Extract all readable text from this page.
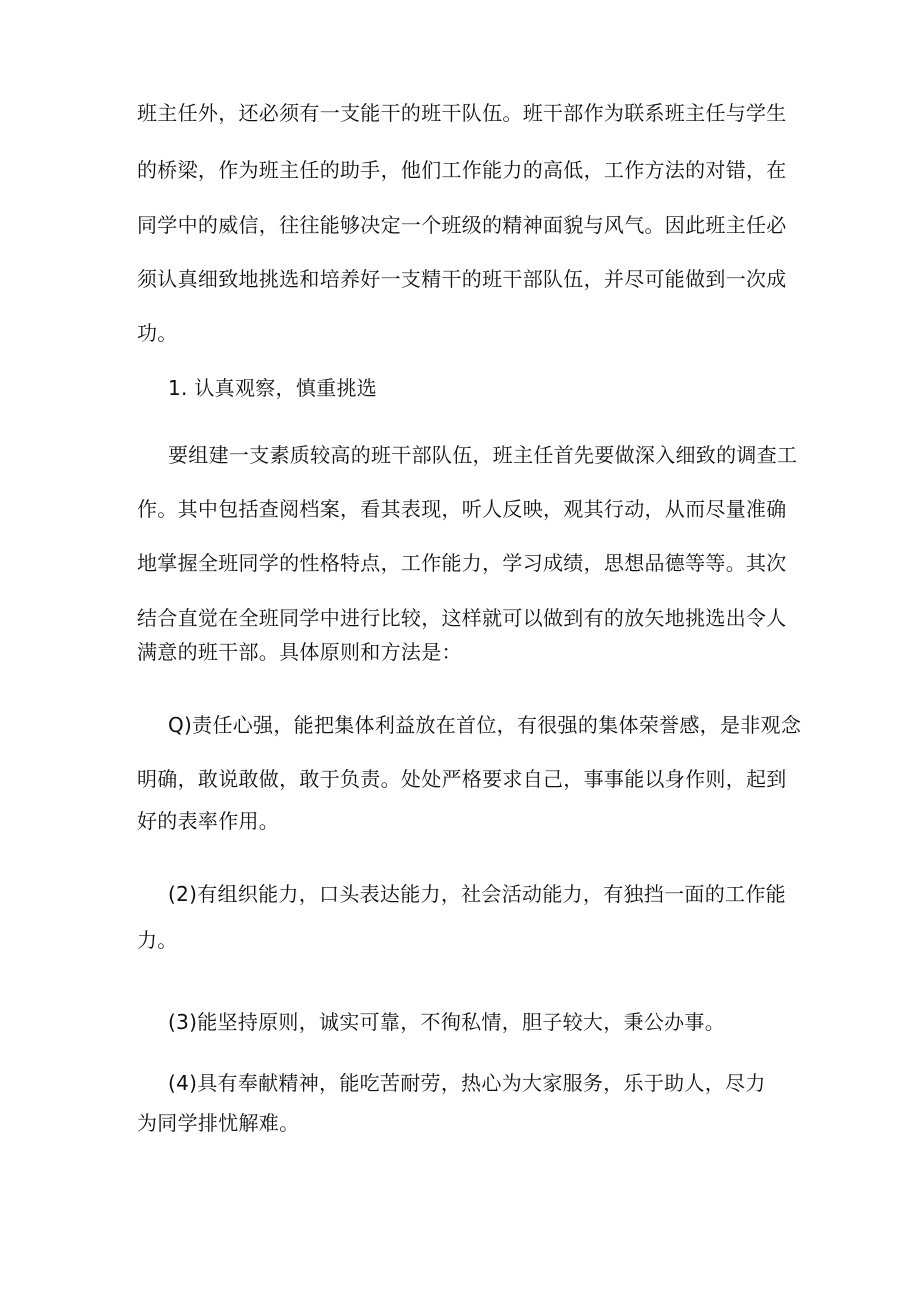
班主任外，还必须有一支能干的班干队伍。班干部作为联系班主任与学生
的桥梁，作为班主任的助手，他们工作能力的高低，工作方法的对错，在
同学中的威信，往往能够决定一个班级的精神面貌与风气。因此班主任必
须认真细致地挑选和培养好一支精干的班干部队伍，并尽可能做到一次成
功。
1. 认真观察，慎重挑选
要组建一支素质较高的班干部队伍，班主任首先要做深入细致的调查工
作。其中包括查阅档案，看其表现，听人反映，观其行动，从而尽量准确
地掌握全班同学的性格特点，工作能力，学习成绩，思想品德等等。其次
结合直觉在全班同学中进行比较，这样就可以做到有的放矢地挑选出令人
满意的班干部。具体原则和方法是：
Q)责任心强，能把集体利益放在首位，有很强的集体荣誉感，是非观念
明确，敢说敢做，敢于负责。处处严格要求自己，事事能以身作则，起到
好的表率作用。
(2)有组织能力，口头表达能力，社会活动能力，有独挡一面的工作能
力。
(3)能坚持原则，诚实可靠，不徇私情，胆子较大，秉公办事。
(4)具有奉献精神，能吃苦耐劳，热心为大家服务，乐于助人，尽力
为同学排忧解难。
